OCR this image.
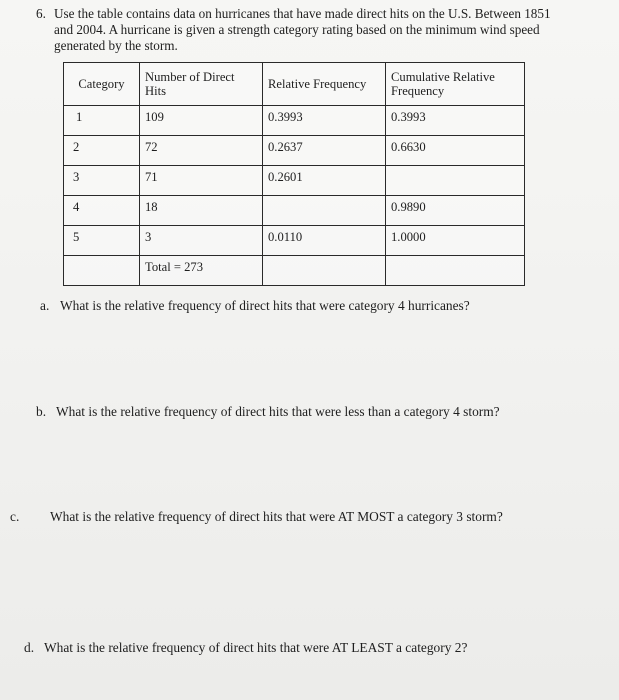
6. Use the table contains data on hurricanes that have made direct hits on the U.S. Between 1851 and 2004. A hurricane is given a strength category rating based on the minimum wind speed generated by the storm.
Category	Number of Direct Hits	Relative Frequency	Cumulative Relative Frequency
1	109	0.3993	0.3993
2	72	0.2637	0.6630
3	71	0.2601	
4	18		0.9890
5	3	0.0110	1.0000
	Total = 273		
a. What is the relative frequency of direct hits that were category 4 hurricanes?
b. What is the relative frequency of direct hits that were less than a category 4 storm?
c. What is the relative frequency of direct hits that were AT MOST a category 3 storm?
d. What is the relative frequency of direct hits that were AT LEAST a category 2?
